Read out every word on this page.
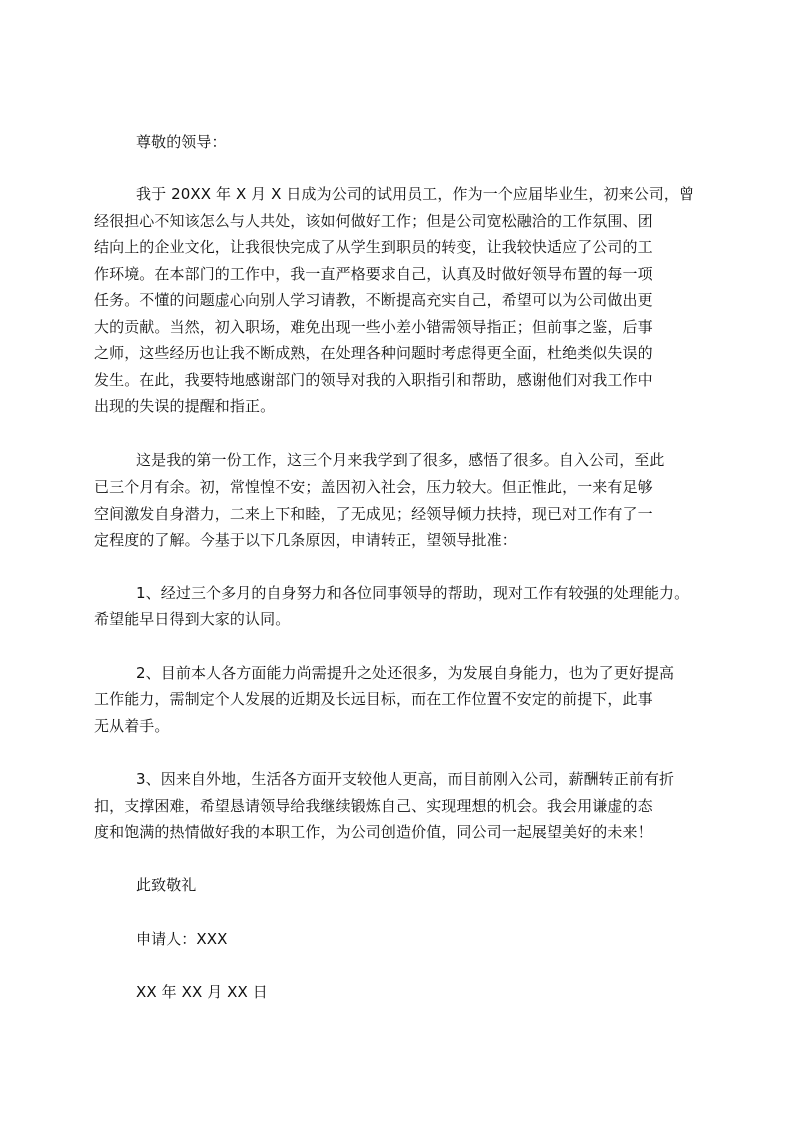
尊敬的领导：
我于 20XX 年 X 月 X 日成为公司的试用员工，作为一个应届毕业生，初来公司，曾
经很担心不知该怎么与人共处，该如何做好工作；但是公司宽松融洽的工作氛围、团
结向上的企业文化，让我很快完成了从学生到职员的转变，让我较快适应了公司的工
作环境。在本部门的工作中，我一直严格要求自己，认真及时做好领导布置的每一项
任务。不懂的问题虚心向别人学习请教，不断提高充实自己，希望可以为公司做出更
大的贡献。当然，初入职场，难免出现一些小差小错需领导指正；但前事之鉴，后事
之师，这些经历也让我不断成熟，在处理各种问题时考虑得更全面，杜绝类似失误的
发生。在此，我要特地感谢部门的领导对我的入职指引和帮助，感谢他们对我工作中
出现的失误的提醒和指正。
这是我的第一份工作，这三个月来我学到了很多，感悟了很多。自入公司，至此
已三个月有余。初，常惶惶不安；盖因初入社会，压力较大。但正惟此，一来有足够
空间激发自身潜力，二来上下和睦，了无成见；经领导倾力扶持，现已对工作有了一
定程度的了解。今基于以下几条原因，申请转正，望领导批准：
1、经过三个多月的自身努力和各位同事领导的帮助，现对工作有较强的处理能力。
希望能早日得到大家的认同。
2、目前本人各方面能力尚需提升之处还很多，为发展自身能力，也为了更好提高
工作能力，需制定个人发展的近期及长远目标，而在工作位置不安定的前提下，此事
无从着手。
3、因来自外地，生活各方面开支较他人更高，而目前刚入公司，薪酬转正前有折
扣，支撑困难，希望恳请领导给我继续锻炼自己、实现理想的机会。我会用谦虚的态
度和饱满的热情做好我的本职工作，为公司创造价值，同公司一起展望美好的未来！
此致敬礼
申请人：XXX
XX 年 XX 月 XX 日
